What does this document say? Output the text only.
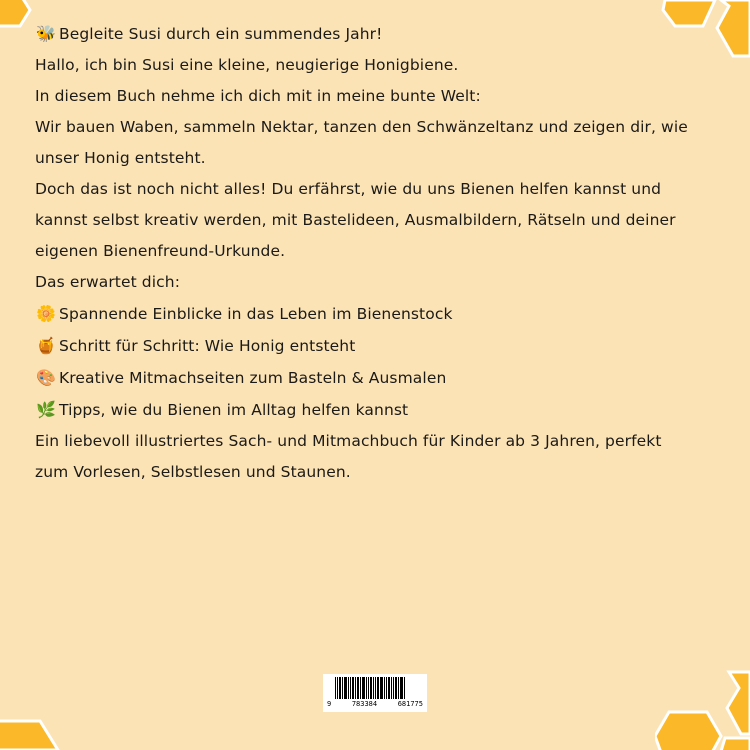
🐝 Begleite Susi durch ein summendes Jahr!
Hallo, ich bin Susi eine kleine, neugierige Honigbiene.
In diesem Buch nehme ich dich mit in meine bunte Welt:
Wir bauen Waben, sammeln Nektar, tanzen den Schwänzeltanz und zeigen dir, wie
unser Honig entsteht.
Doch das ist noch nicht alles! Du erfährst, wie du uns Bienen helfen kannst und
kannst selbst kreativ werden, mit Bastelideen, Ausmalbildern, Rätseln und deiner
eigenen Bienenfreund-Urkunde.
Das erwartet dich:
🌼 Spannende Einblicke in das Leben im Bienenstock
🍯 Schritt für Schritt: Wie Honig entsteht
🎨 Kreative Mitmachseiten zum Basteln & Ausmalen
🌿 Tipps, wie du Bienen im Alltag helfen kannst
Ein liebevoll illustriertes Sach- und Mitmachbuch für Kinder ab 3 Jahren, perfekt
zum Vorlesen, Selbstlesen und Staunen.
9	783384	681775
